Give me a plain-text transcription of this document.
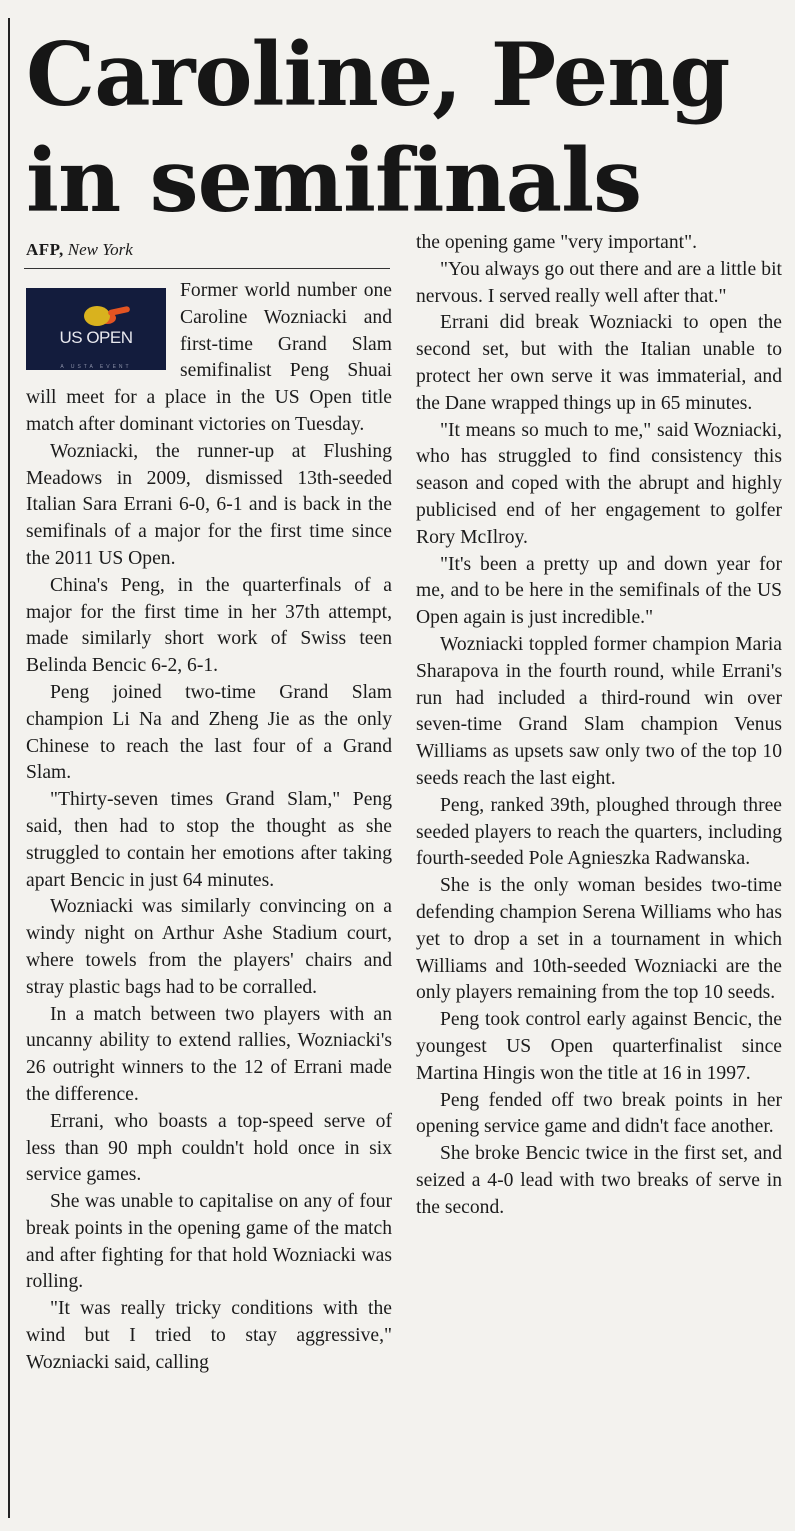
Caroline, Peng in semifinals
AFP, New York
US OPEN
A USTA EVENT

Former world number one Caroline Wozniacki and first-time Grand Slam semifinalist Peng Shuai will meet for a place in the US Open title match after dominant victories on Tuesday.

Wozniacki, the runner-up at Flushing Meadows in 2009, dismissed 13th-seeded Italian Sara Errani 6-0, 6-1 and is back in the semifinals of a major for the first time since the 2011 US Open.

China's Peng, in the quarterfinals of a major for the first time in her 37th attempt, made similarly short work of Swiss teen Belinda Bencic 6-2, 6-1.

Peng joined two-time Grand Slam champion Li Na and Zheng Jie as the only Chinese to reach the last four of a Grand Slam.

"Thirty-seven times Grand Slam," Peng said, then had to stop the thought as she struggled to contain her emotions after taking apart Bencic in just 64 minutes.

Wozniacki was similarly convincing on a windy night on Arthur Ashe Stadium court, where towels from the players' chairs and stray plastic bags had to be corralled.

In a match between two players with an uncanny ability to extend rallies, Wozniacki's 26 outright winners to the 12 of Errani made the difference.

Errani, who boasts a top-speed serve of less than 90 mph couldn't hold once in six service games.

She was unable to capitalise on any of four break points in the opening game of the match and after fighting for that hold Wozniacki was rolling.

"It was really tricky conditions with the wind but I tried to stay aggressive," Wozniacki said, calling

the opening game "very important".

"You always go out there and are a little bit nervous. I served really well after that."

Errani did break Wozniacki to open the second set, but with the Italian unable to protect her own serve it was immaterial, and the Dane wrapped things up in 65 minutes.

"It means so much to me," said Wozniacki, who has struggled to find consistency this season and coped with the abrupt and highly publicised end of her engagement to golfer Rory McIlroy.

"It's been a pretty up and down year for me, and to be here in the semifinals of the US Open again is just incredible."

Wozniacki toppled former champion Maria Sharapova in the fourth round, while Errani's run had included a third-round win over seven-time Grand Slam champion Venus Williams as upsets saw only two of the top 10 seeds reach the last eight.

Peng, ranked 39th, ploughed through three seeded players to reach the quarters, including fourth-seeded Pole Agnieszka Radwanska.

She is the only woman besides two-time defending champion Serena Williams who has yet to drop a set in a tournament in which Williams and 10th-seeded Wozniacki are the only players remaining from the top 10 seeds.

Peng took control early against Bencic, the youngest US Open quarterfinalist since Martina Hingis won the title at 16 in 1997.

Peng fended off two break points in her opening service game and didn't face another.

She broke Bencic twice in the first set, and seized a 4-0 lead with two breaks of serve in the second.
